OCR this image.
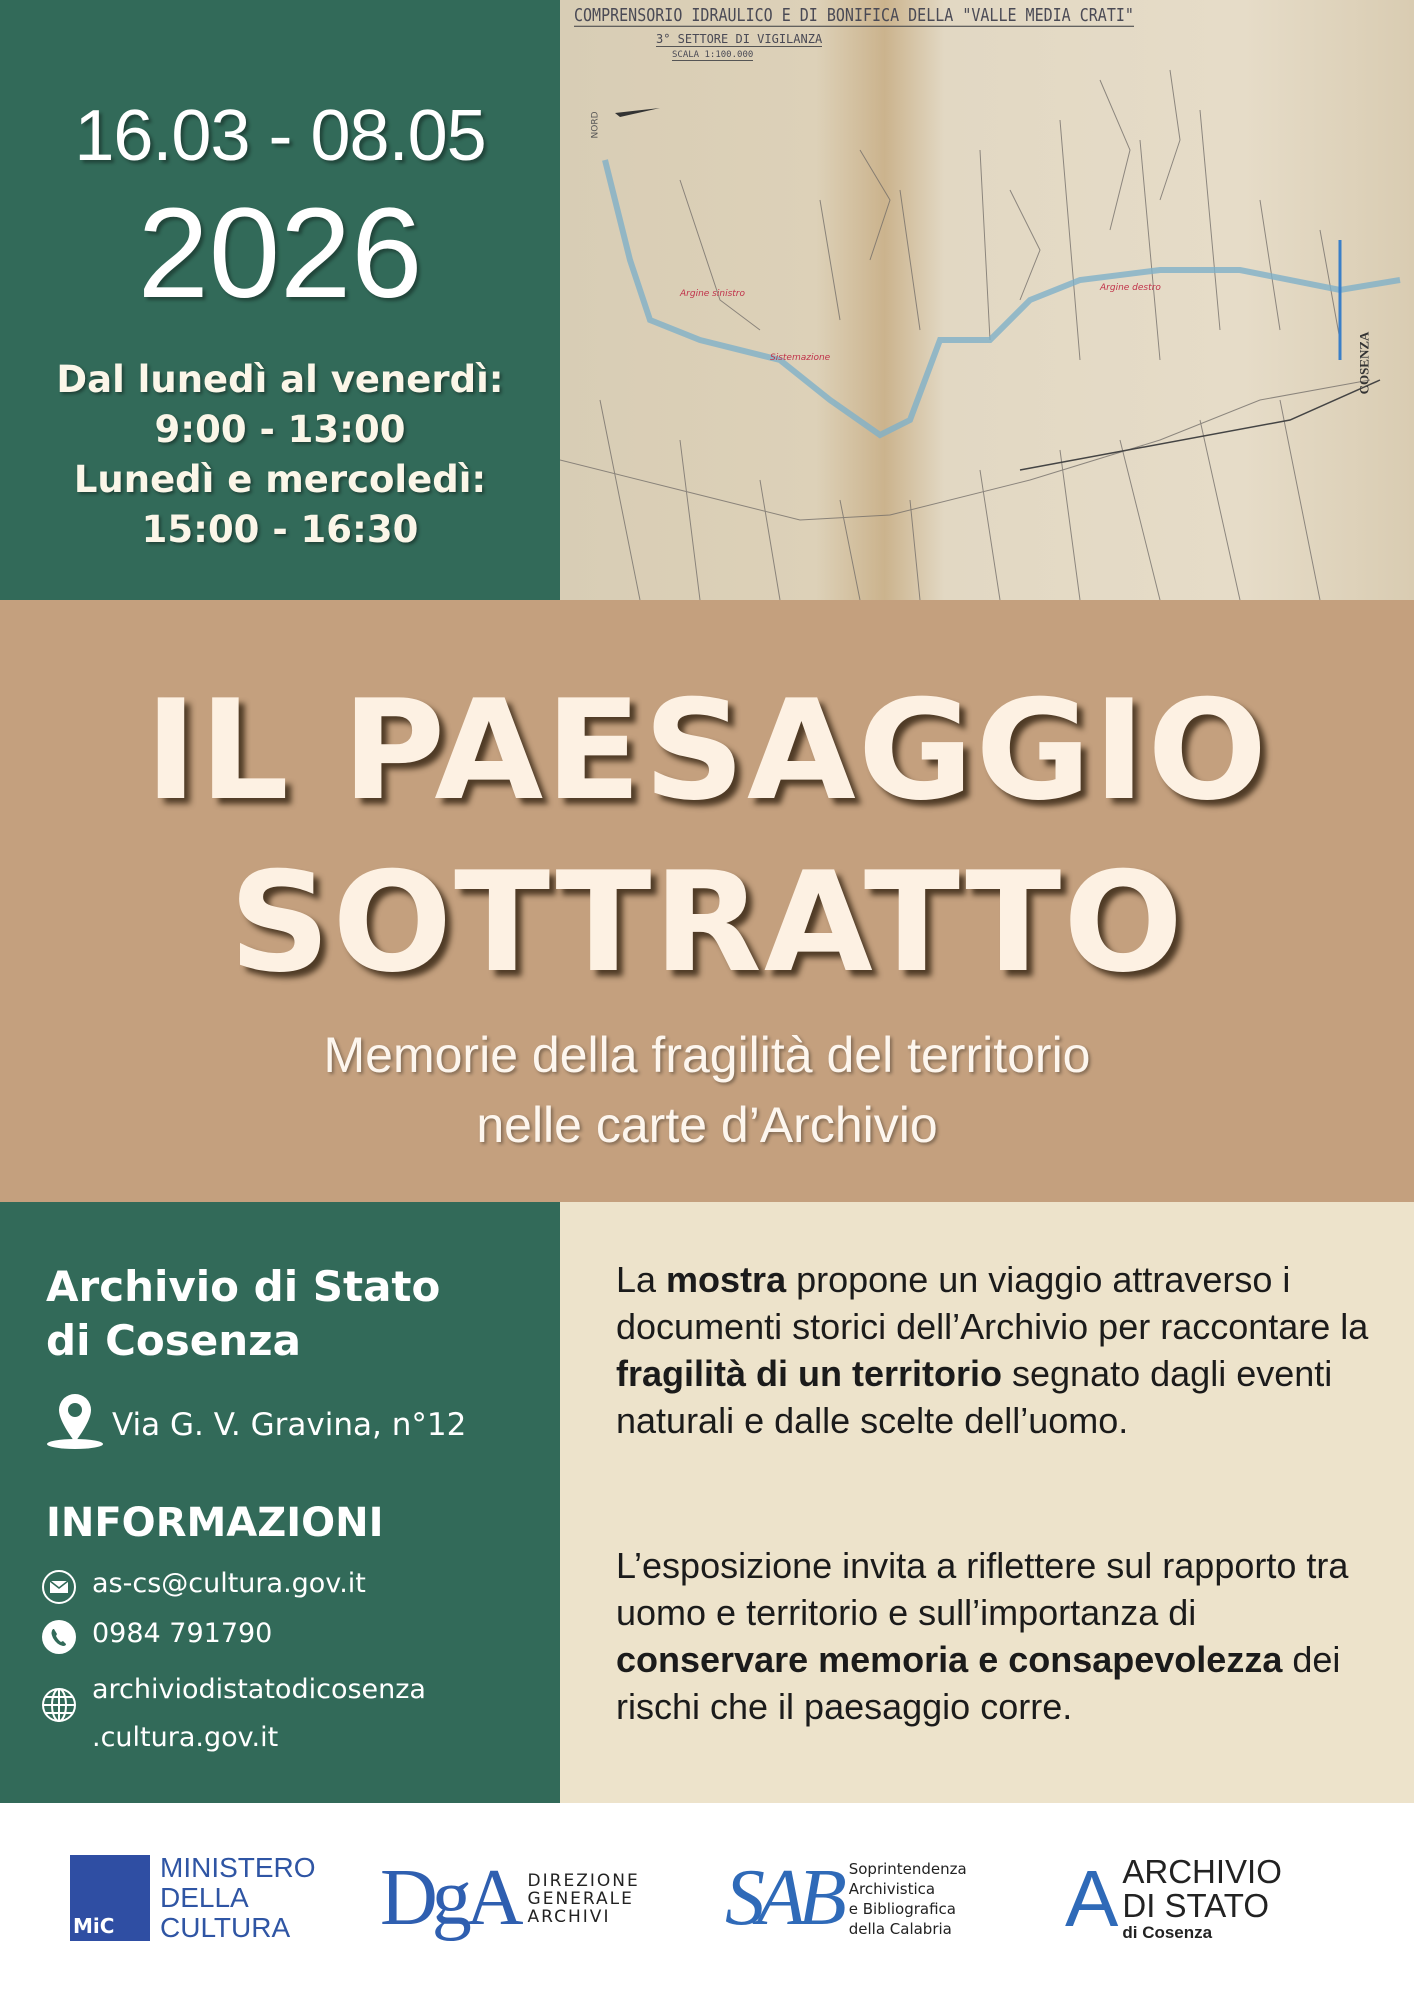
16.03 - 08.05
2026
Dal lunedì al venerdì:
9:00 - 13:00
Lunedì e mercoledì:
15:00 - 16:30
Argine sinistro
Sistemazione
Argine destro
COMPRENSORIO IDRAULICO E DI BONIFICA DELLA "VALLE MEDIA CRATI"
3° SETTORE DI VIGILANZA
SCALA 1:100.000
NORD
COSENZA
IL PAESAGGIO
SOTTRATTO
Memorie della fragilità del territorio
nelle carte d’Archivio
Archivio di Stato
di Cosenza
Via G. V. Gravina, n°12
INFORMAZIONI
as-cs@cultura.gov.it
0984 791790
archiviodistatodicosenza
.cultura.gov.it

La mostra propone un viaggio attraverso i documenti storici dell’Archivio per raccontare la fragilità di un territorio segnato dagli eventi naturali e dalle scelte dell’uomo.

L’esposizione invita a riflettere sul rapporto tra uomo e territorio e sull’importanza di conservare memoria e consapevolezza dei rischi che il paesaggio corre.

MiC
MINISTERO
DELLA
CULTURA	DgA DIREZIONE
GENERALE
ARCHIVI	SAB Soprintendenza
Archivistica
e Bibliografica
della Calabria A ARCHIVIO
DI STATO
di Cosenza
